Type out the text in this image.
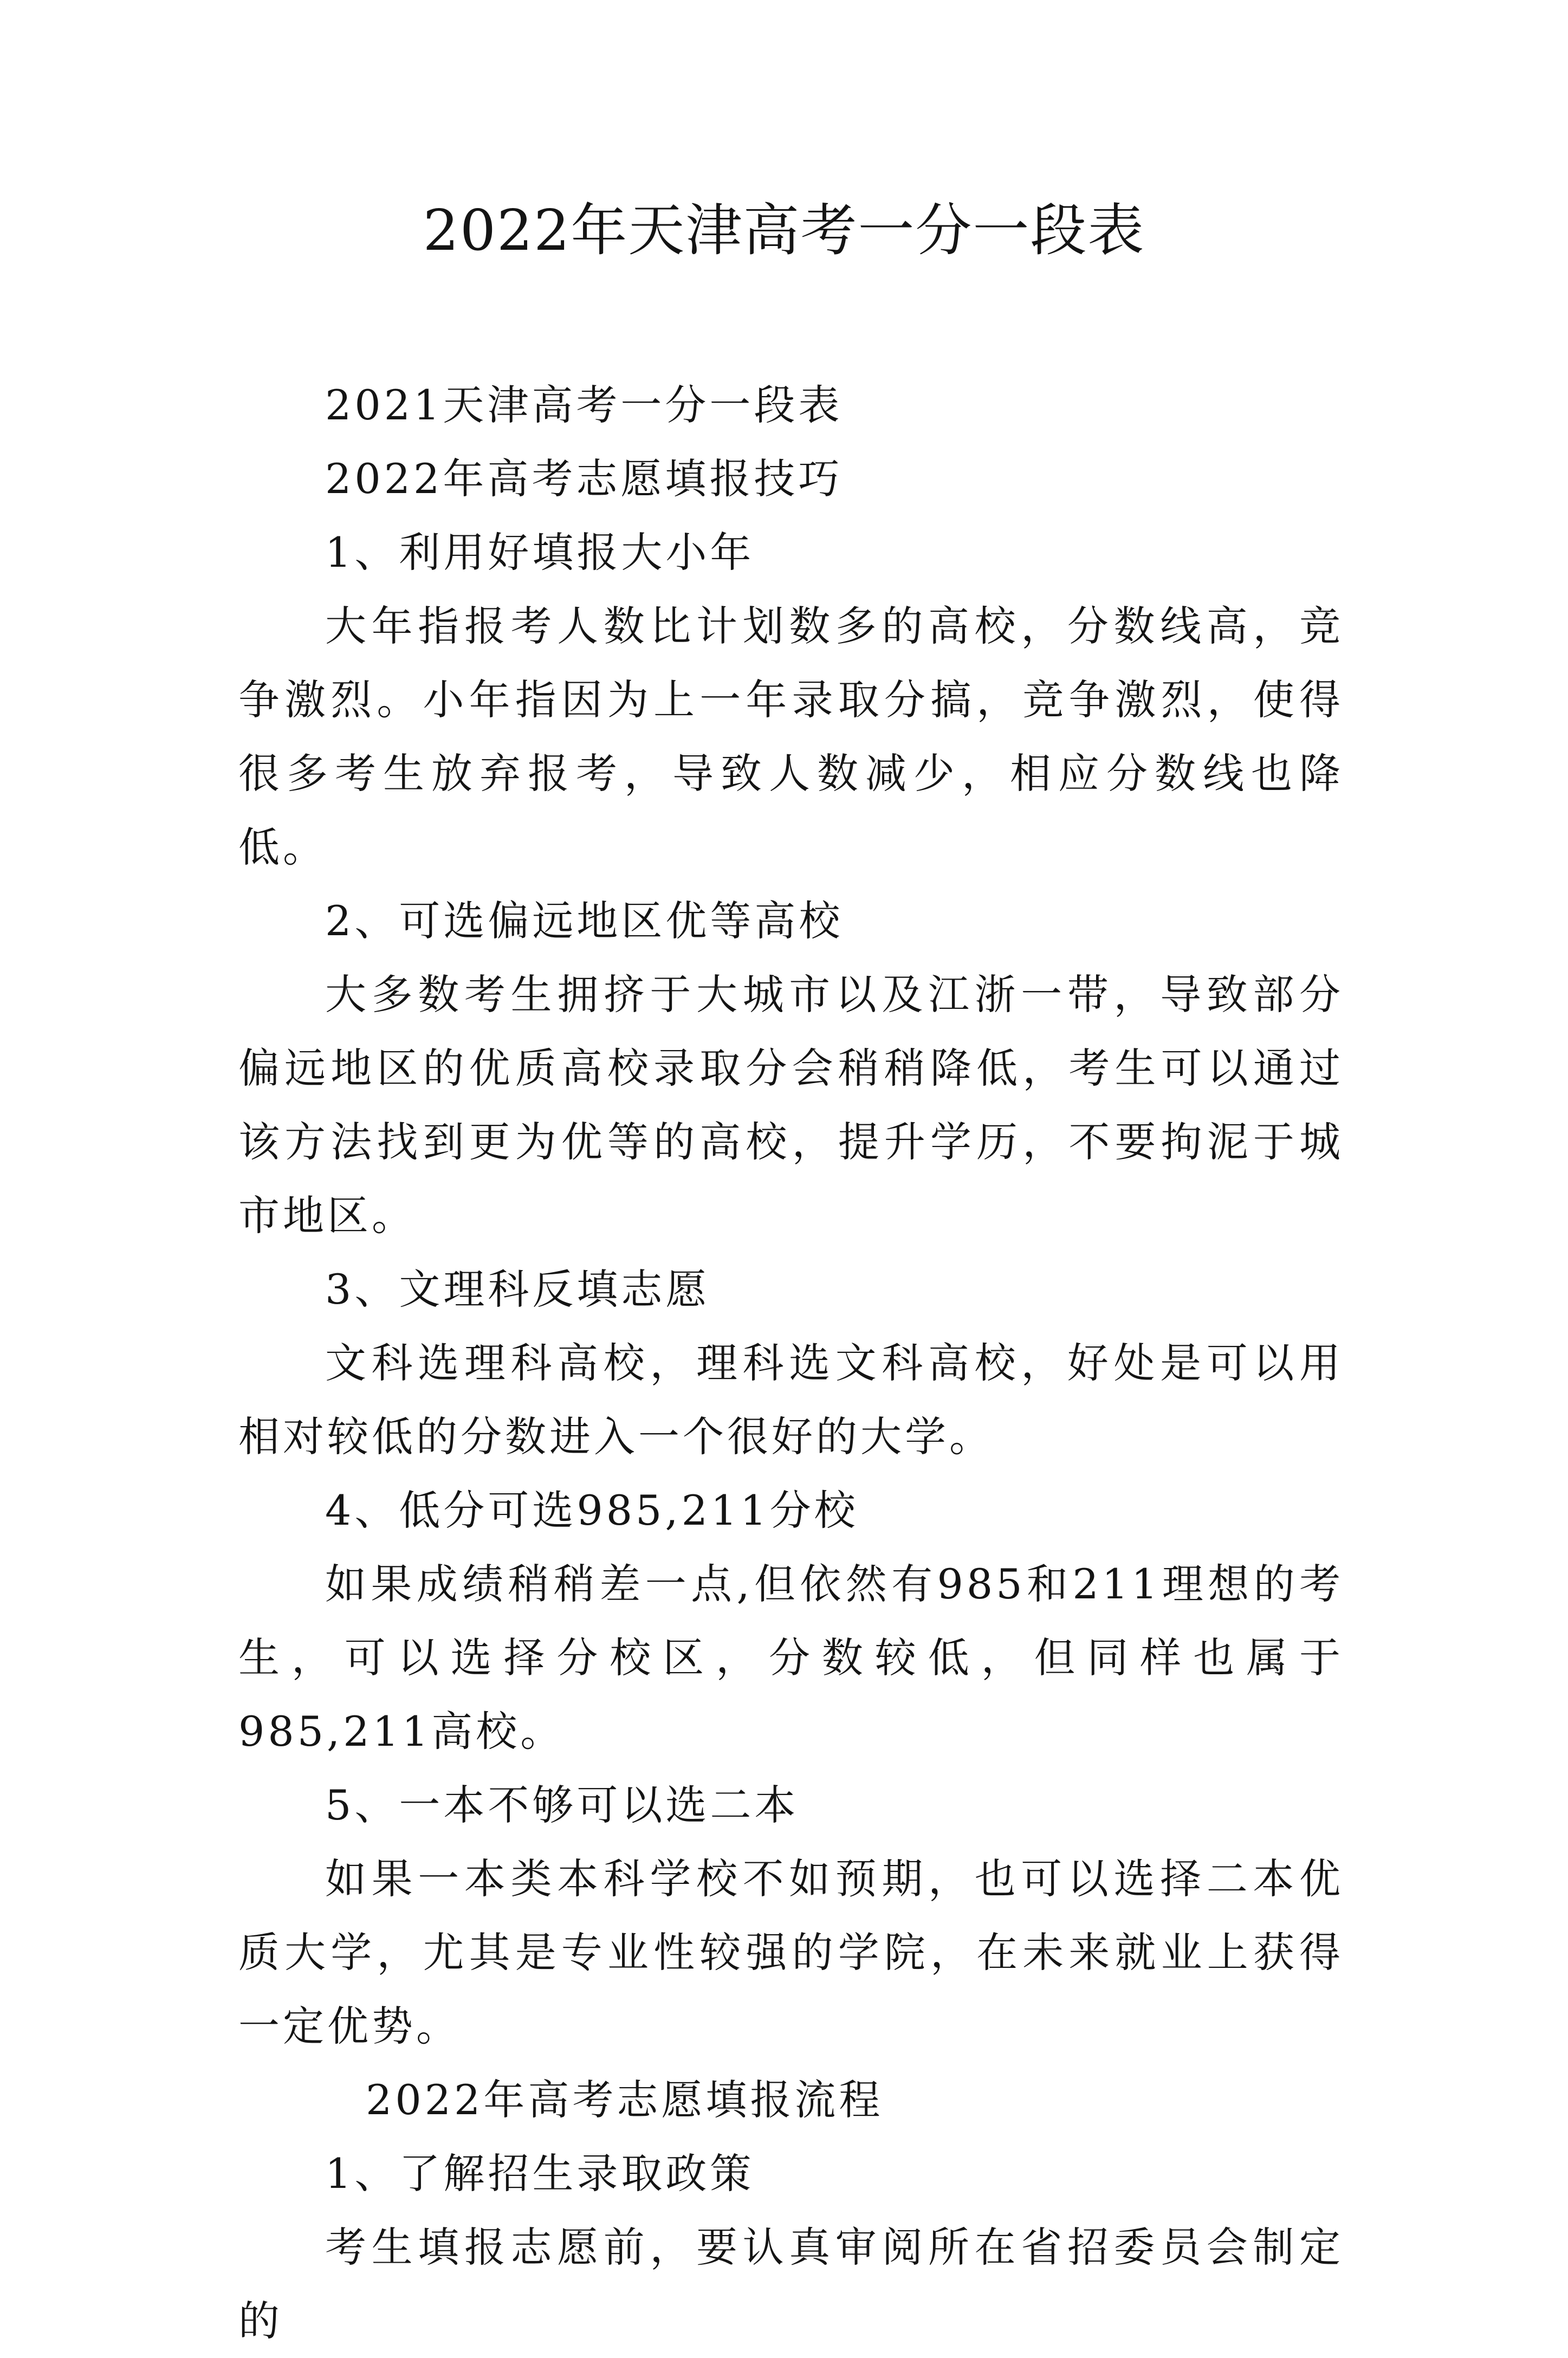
2022年天津高考一分一段表

2021天津高考一分一段表

2022年高考志愿填报技巧

1、利用好填报大小年

大年指报考人数比计划数多的高校，分数线高，竞争激烈。小年指因为上一年录取分搞，竞争激烈，使得很多考生放弃报考，导致人数减少，相应分数线也降低。

2、可选偏远地区优等高校

大多数考生拥挤于大城市以及江浙一带，导致部分偏远地区的优质高校录取分会稍稍降低，考生可以通过该方法找到更为优等的高校，提升学历，不要拘泥于城市地区。

3、文理科反填志愿

文科选理科高校，理科选文科高校，好处是可以用相对较低的分数进入一个很好的大学。

4、低分可选985,211分校

如果成绩稍稍差一点,但依然有985和211理想的考生，可以选择分校区，分数较低，但同样也属于985,211高校。

5、一本不够可以选二本

如果一本类本科学校不如预期，也可以选择二本优质大学，尤其是专业性较强的学院，在未来就业上获得一定优势。

2022年高考志愿填报流程

1、了解招生录取政策

考生填报志愿前，要认真审阅所在省招委员会制定的
